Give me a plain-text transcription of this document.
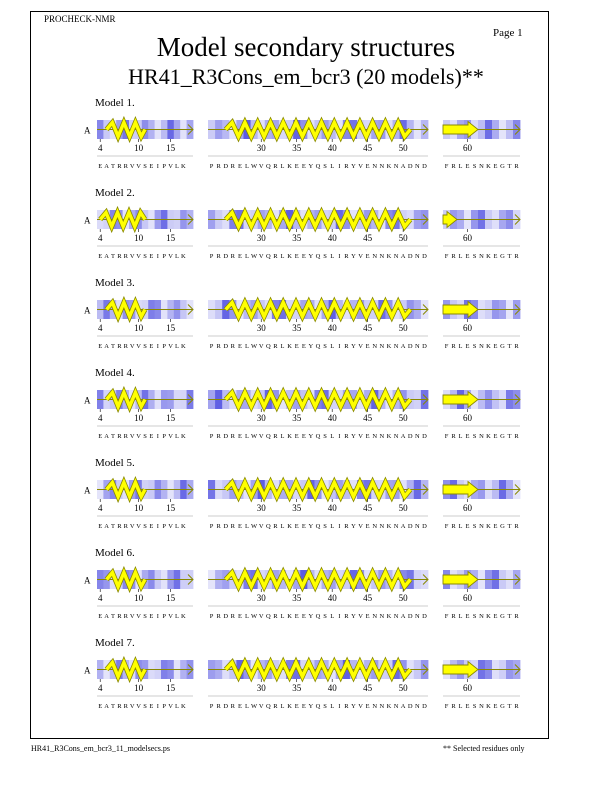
PROCHECK-NMR
Page 1
Model secondary structures
HR41_R3Cons_em_bcr3 (20 models)**
Model 1.
A
4	10	15
E A T R R V V S E I P V L K
30	35	40	45	50
P R D R E L W V Q R L K E E Y Q S L I R Y V E N N K N A D N D
60
F R L E S N K E G T R
Model 2.
A
4	10	15
E A T R R V V S E I P V L K
30	35	40	45	50
P R D R E L W V Q R L K E E Y Q S L I R Y V E N N K N A D N D
60
F R L E S N K E G T R
Model 3.
A
4	10	15
E A T R R V V S E I P V L K
30	35	40	45	50
P R D R E L W V Q R L K E E Y Q S L I R Y V E N N K N A D N D
60
F R L E S N K E G T R
Model 4.
A
4	10	15
E A T R R V V S E I P V L K
30	35	40	45	50
P R D R E L W V Q R L K E E Y Q S L I R Y V E N N K N A D N D
60
F R L E S N K E G T R
Model 5.
A
4	10	15
E A T R R V V S E I P V L K
30	35	40	45	50
P R D R E L W V Q R L K E E Y Q S L I R Y V E N N K N A D N D
60
F R L E S N K E G T R
Model 6.
A
4	10	15
E A T R R V V S E I P V L K
30	35	40	45	50
P R D R E L W V Q R L K E E Y Q S L I R Y V E N N K N A D N D
60
F R L E S N K E G T R
Model 7.
A
4	10	15
E A T R R V V S E I P V L K
30	35	40	45	50
P R D R E L W V Q R L K E E Y Q S L I R Y V E N N K N A D N D
60
F R L E S N K E G T R
HR41_R3Cons_em_bcr3_11_modelsecs.ps	** Selected residues only
